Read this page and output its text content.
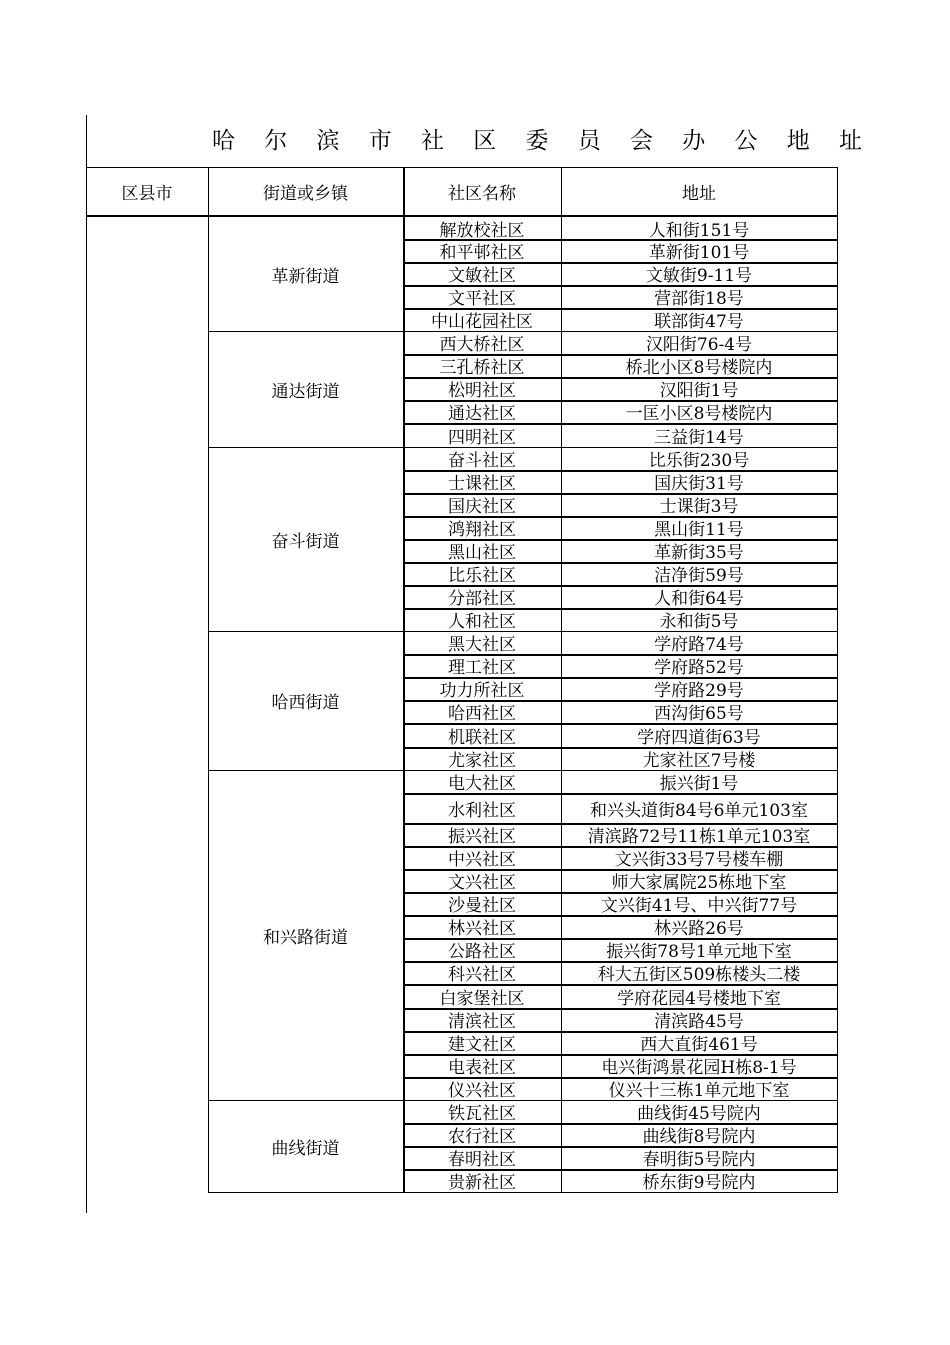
哈 尔 滨 市 社 区 委 员 会 办 公 地 址
区县市	街道或乡镇	社区名称	地址
解放校社区	人和街151号
和平邨社区	革新街101号
文敏社区	文敏街9-11号
文平社区	营部街18号
中山花园社区	联部街47号
革新街道
西大桥社区	汉阳街76-4号
三孔桥社区	桥北小区8号楼院内
松明社区	汉阳街1号
通达社区	一匡小区8号楼院内
四明社区	三益街14号
通达街道
奋斗社区	比乐街230号
士课社区	国庆街31号
国庆社区	士课街3号
鸿翔社区	黑山街11号
黑山社区	革新街35号
比乐社区	洁净街59号
分部社区	人和街64号
人和社区	永和街5号
奋斗街道
黑大社区	学府路74号
理工社区	学府路52号
功力所社区	学府路29号
哈西社区	西沟街65号
机联社区	学府四道街63号
尤家社区	尤家社区7号楼
哈西街道
电大社区	振兴街1号
水利社区	和兴头道街84号6单元103室
振兴社区	清滨路72号11栋1单元103室
中兴社区	文兴街33号7号楼车棚
文兴社区	师大家属院25栋地下室
沙曼社区	文兴街41号、中兴街77号
林兴社区	林兴路26号
公路社区	振兴街78号1单元地下室
科兴社区	科大五街区509栋楼头二楼
白家堡社区	学府花园4号楼地下室
清滨社区	清滨路45号
建文社区	西大直街461号
电表社区	电兴街鸿景花园H栋8-1号
仪兴社区	仪兴十三栋1单元地下室
和兴路街道
铁瓦社区	曲线街45号院内
农行社区	曲线街8号院内
春明社区	春明街5号院内
贵新社区	桥东街9号院内
曲线街道
